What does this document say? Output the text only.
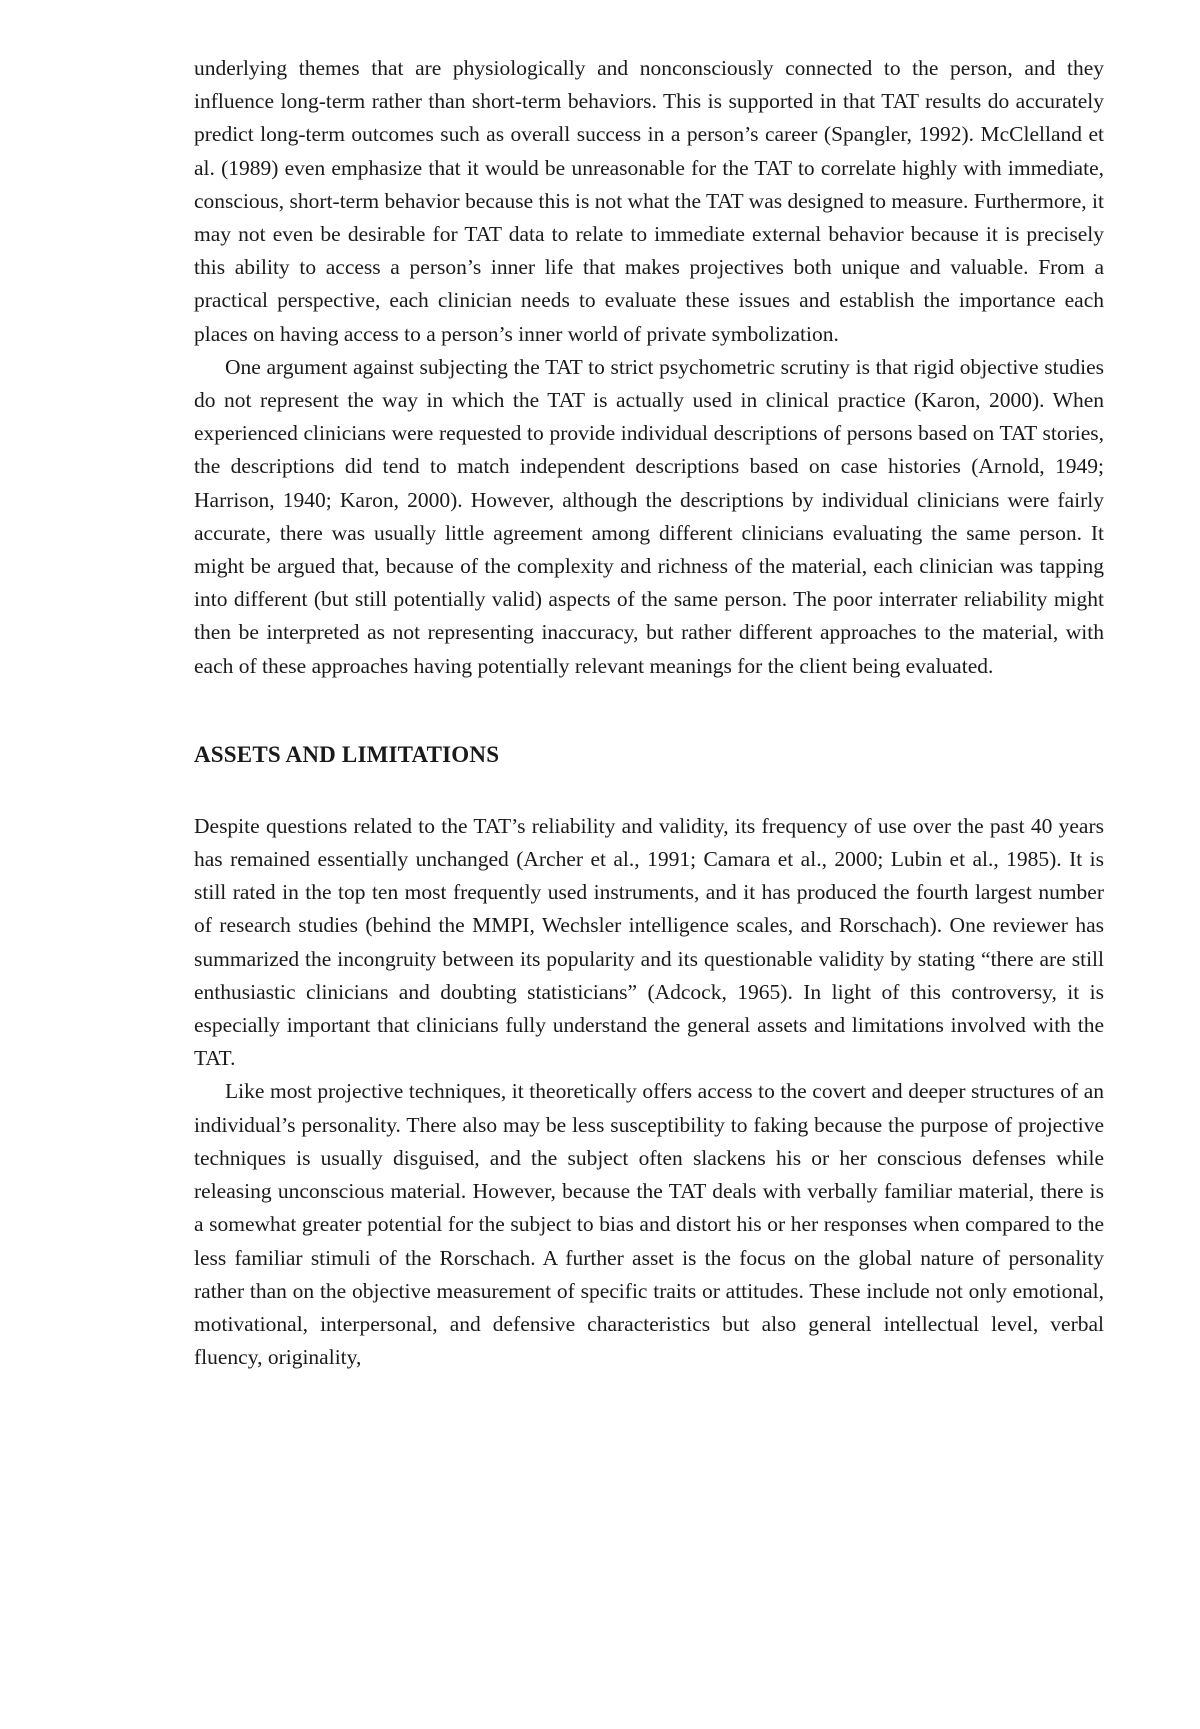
underlying themes that are physiologically and nonconsciously connected to the person, and they influence long-term rather than short-term behaviors. This is supported in that TAT results do accurately predict long-term outcomes such as overall success in a person’s career (Spangler, 1992). McClelland et al. (1989) even emphasize that it would be unreasonable for the TAT to correlate highly with immediate, conscious, short-term behavior because this is not what the TAT was designed to measure. Furthermore, it may not even be desirable for TAT data to relate to immediate external behavior because it is precisely this ability to access a person’s inner life that makes projectives both unique and valuable. From a practical perspective, each clinician needs to evaluate these issues and establish the importance each places on having access to a person’s inner world of private symbolization.

One argument against subjecting the TAT to strict psychometric scrutiny is that rigid objective studies do not represent the way in which the TAT is actually used in clinical practice (Karon, 2000). When experienced clinicians were requested to provide individual descriptions of persons based on TAT stories, the descriptions did tend to match independent descriptions based on case histories (Arnold, 1949; Harrison, 1940; Karon, 2000). However, although the descriptions by individual clinicians were fairly accurate, there was usually little agreement among different clinicians evaluating the same person. It might be argued that, because of the complexity and richness of the material, each clinician was tapping into different (but still potentially valid) aspects of the same person. The poor interrater reliability might then be interpreted as not representing inaccuracy, but rather different approaches to the material, with each of these approaches having potentially relevant meanings for the client being evaluated.

ASSETS AND LIMITATIONS

Despite questions related to the TAT’s reliability and validity, its frequency of use over the past 40 years has remained essentially unchanged (Archer et al., 1991; Camara et al., 2000; Lubin et al., 1985). It is still rated in the top ten most frequently used instruments, and it has produced the fourth largest number of research studies (behind the MMPI, Wechsler intelligence scales, and Rorschach). One reviewer has summarized the incongruity between its popularity and its questionable validity by stating “there are still enthusiastic clinicians and doubting statisticians” (Adcock, 1965). In light of this controversy, it is especially important that clinicians fully understand the general assets and limitations involved with the TAT.

Like most projective techniques, it theoretically offers access to the covert and deeper structures of an individual’s personality. There also may be less susceptibility to faking because the purpose of projective techniques is usually disguised, and the subject often slackens his or her conscious defenses while releasing unconscious material. However, because the TAT deals with verbally familiar material, there is a somewhat greater potential for the subject to bias and distort his or her responses when compared to the less familiar stimuli of the Rorschach. A further asset is the focus on the global nature of personality rather than on the objective measurement of specific traits or attitudes. These include not only emotional, motivational, interpersonal, and defensive characteristics but also general intellectual level, verbal fluency, originality,
